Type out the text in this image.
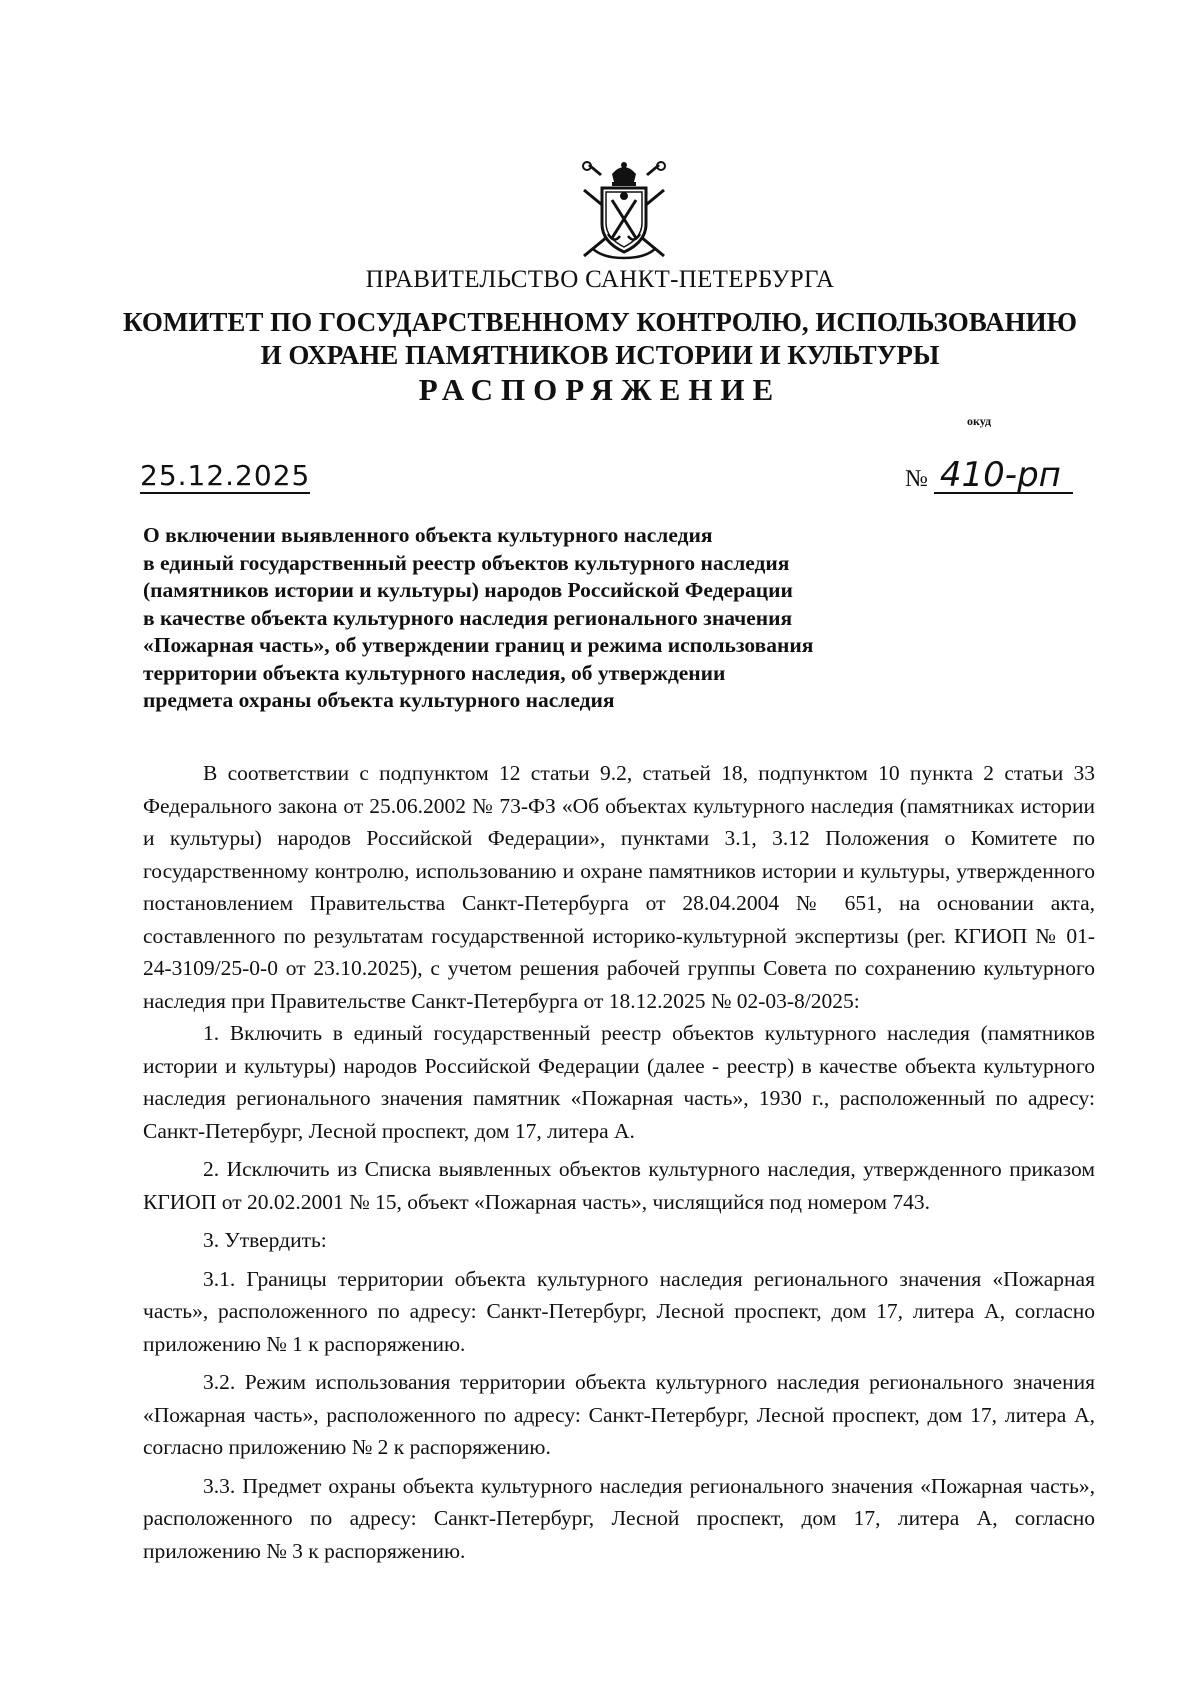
ПРАВИТЕЛЬСТВО САНКТ-ПЕТЕРБУРГА
КОМИТЕТ ПО ГОСУДАРСТВЕННОМУ КОНТРОЛЮ, ИСПОЛЬЗОВАНИЮ
И ОХРАНЕ ПАМЯТНИКОВ ИСТОРИИ И КУЛЬТУРЫ
РАСПОРЯЖЕНИЕ
окуд
25.12.2025	№ 410-рп
О включении выявленного объекта культурного наследия
в единый государственный реестр объектов культурного наследия
(памятников истории и культуры) народов Российской Федерации
в качестве объекта культурного наследия регионального значения
«Пожарная часть», об утверждении границ и режима использования
территории объекта культурного наследия, об утверждении
предмета охраны объекта культурного наследия

В соответствии с подпунктом 12 статьи 9.2, статьей 18, подпунктом 10 пункта 2 статьи 33 Федерального закона от 25.06.2002 № 73-ФЗ «Об объектах культурного наследия (памятниках истории и культуры) народов Российской Федерации», пунктами 3.1, 3.12 Положения о Комитете по государственному контролю, использованию и охране памятников истории и культуры, утвержденного постановлением Правительства Санкт-Петербурга от 28.04.2004 № 651, на основании акта, составленного по результатам государственной историко-культурной экспертизы (рег. КГИОП № 01-24-3109/25-0-0 от 23.10.2025), с учетом решения рабочей группы Совета по сохранению культурного наследия при Правительстве Санкт-Петербурга от 18.12.2025 № 02-03-8/2025:

1. Включить в единый государственный реестр объектов культурного наследия (памятников истории и культуры) народов Российской Федерации (далее - реестр) в качестве объекта культурного наследия регионального значения памятник «Пожарная часть», 1930 г., расположенный по адресу: Санкт-Петербург, Лесной проспект, дом 17, литера А.

2. Исключить из Списка выявленных объектов культурного наследия, утвержденного приказом КГИОП от 20.02.2001 № 15, объект «Пожарная часть», числящийся под номером 743.

3. Утвердить:

3.1. Границы территории объекта культурного наследия регионального значения «Пожарная часть», расположенного по адресу: Санкт-Петербург, Лесной проспект, дом 17, литера А, согласно приложению № 1 к распоряжению.

3.2. Режим использования территории объекта культурного наследия регионального значения «Пожарная часть», расположенного по адресу: Санкт-Петербург, Лесной проспект, дом 17, литера А, согласно приложению № 2 к распоряжению.

3.3. Предмет охраны объекта культурного наследия регионального значения «Пожарная часть», расположенного по адресу: Санкт-Петербург, Лесной проспект, дом 17, литера А, согласно приложению № 3 к распоряжению.
